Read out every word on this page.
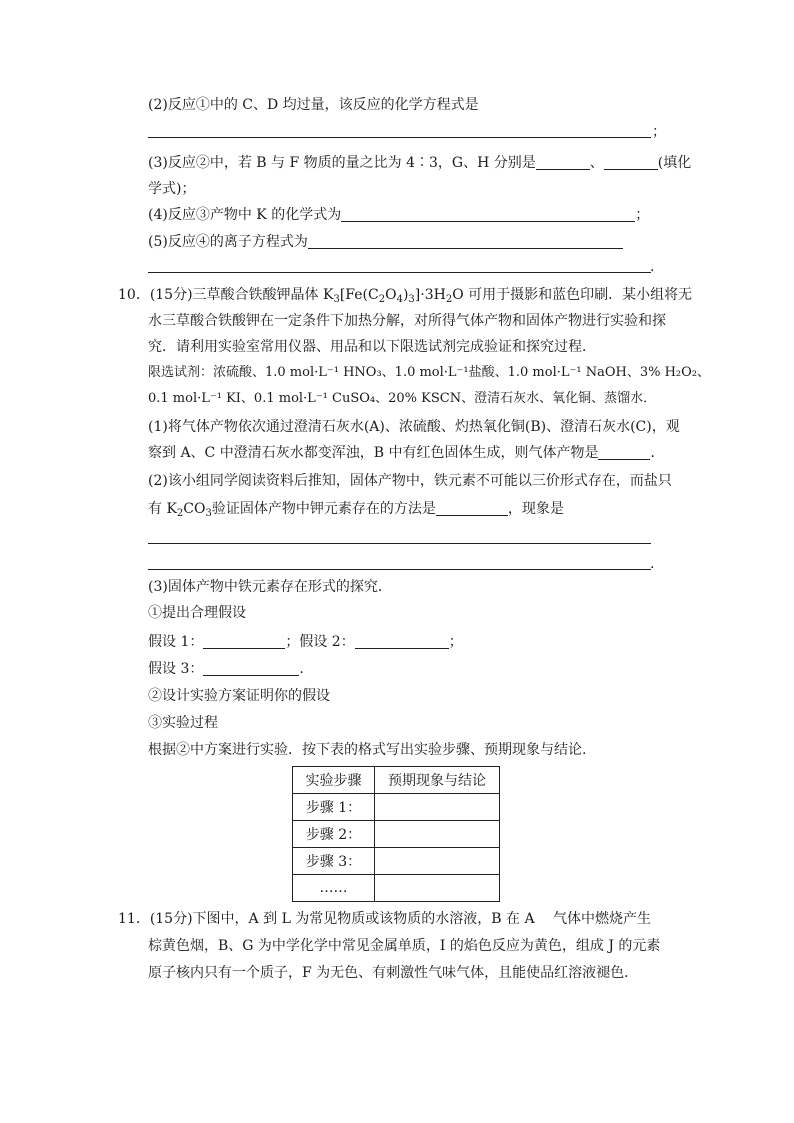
(2)反应①中的 C、D 均过量，该反应的化学方程式是
；
(3)反应②中，若 B 与 F 物质的量之比为 4∶3，G、H 分别是	、	(填化
学式)；
(4)反应③产物中 K 的化学式为	；
(5)反应④的离子方程式为
.
10．(15分)三草酸合铁酸钾晶体 $K_3[Fe(C_2O_4)_3]\cdot 3H_2O$ 可用于摄影和蓝色印刷．某小组将无
水三草酸合铁酸钾在一定条件下加热分解，对所得气体产物和固体产物进行实验和探
究．请利用实验室常用仪器、用品和以下限选试剂完成验证和探究过程．
限选试剂：浓硫酸、1.0 mol·L⁻¹ HNO₃、1.0 mol·L⁻¹盐酸、1.0 mol·L⁻¹ NaOH、3% H₂O₂、
0.1 mol·L⁻¹ KI、0.1 mol·L⁻¹ CuSO₄、20% KSCN、澄清石灰水、氧化铜、蒸馏水．
(1)将气体产物依次通过澄清石灰水(A)、浓硫酸、灼热氧化铜(B)、澄清石灰水(C)，观
察到 A、C 中澄清石灰水都变浑浊，B 中有红色固体生成，则气体产物是	．
(2)该小组同学阅读资料后推知，固体产物中，铁元素不可能以三价形式存在，而盐只
有 $K_2CO_3$验证固体产物中钾元素存在的方法是	，现象是
.
(3)固体产物中铁元素存在形式的探究．
①提出合理假设
假设 1：	；假设 2：	；
假设 3：	.
②设计实验方案证明你的假设
③实验过程
根据②中方案进行实验．按下表的格式写出实验步骤、预期现象与结论.
实验步骤	预期现象与结论
步骤 1：	
步骤 2：	
步骤 3：	
……	
11．(15分)下图中，A 到 L 为常见物质或该物质的水溶液，B 在 A　 气体中燃烧产生
棕黄色烟，B、G 为中学化学中常见金属单质，I 的焰色反应为黄色，组成 J 的元素
原子核内只有一个质子，F 为无色、有刺激性气味气体，且能使品红溶液褪色．
